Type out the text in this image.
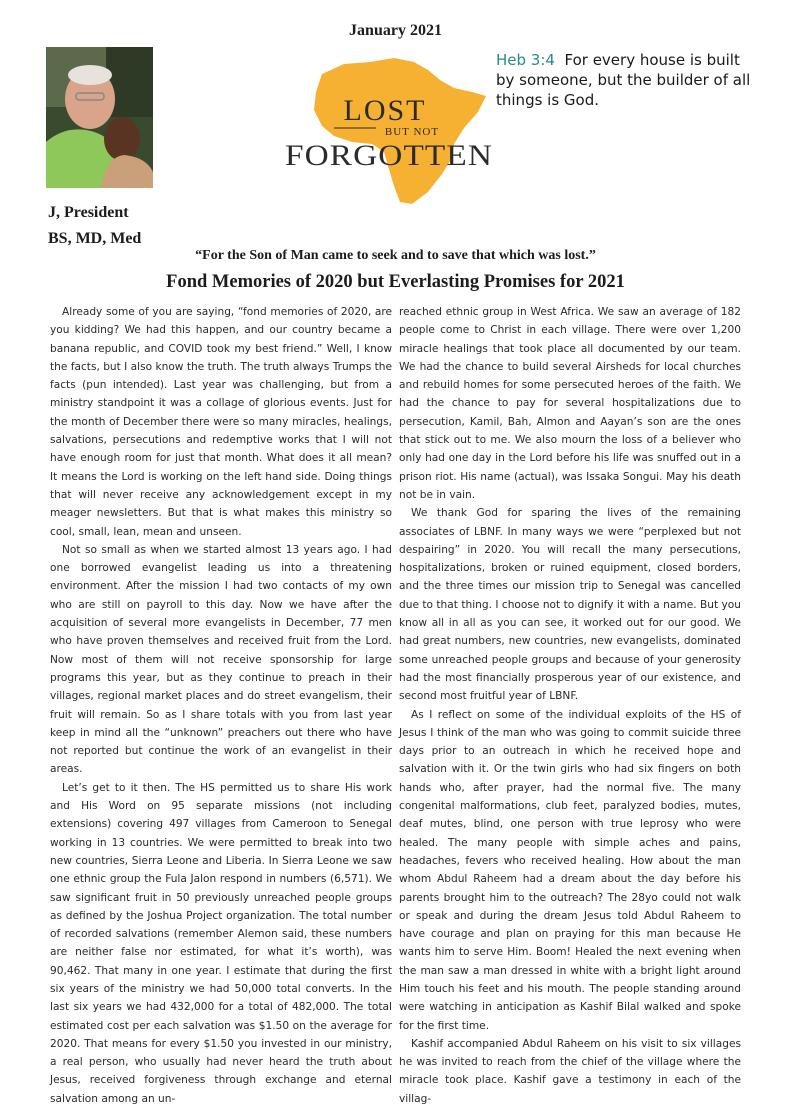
January 2021
LOST
BUT NOT
FORGOTTEN
Heb 3:4 For every house is built by someone, but the builder of all things is God.
J, President
BS, MD, Med
“For the Son of Man came to seek and to save that which was lost.”
Fond Memories of 2020 but Everlasting Promises for 2021

Already some of you are saying, “fond memories of 2020, are you kidding? We had this happen, and our country became a banana republic, and COVID took my best friend.” Well, I know the facts, but I also know the truth. The truth always Trumps the facts (pun intended). Last year was challenging, but from a ministry standpoint it was a collage of glorious events. Just for the month of December there were so many miracles, healings, salvations, persecutions and redemptive works that I will not have enough room for just that month. What does it all mean? It means the Lord is working on the left hand side. Doing things that will never receive any acknowledgement except in my meager newsletters. But that is what makes this ministry so cool, small, lean, mean and unseen.

Not so small as when we started almost 13 years ago. I had one borrowed evangelist leading us into a threatening environment. After the mission I had two contacts of my own who are still on payroll to this day. Now we have after the acquisition of several more evangelists in December, 77 men who have proven themselves and received fruit from the Lord. Now most of them will not receive sponsorship for large programs this year, but as they continue to preach in their villages, regional market places and do street evangelism, their fruit will remain. So as I share totals with you from last year keep in mind all the “unknown” preachers out there who have not reported but continue the work of an evangelist in their areas.

Let’s get to it then. The HS permitted us to share His work and His Word on 95 separate missions (not including extensions) covering 497 villages from Cameroon to Senegal working in 13 countries. We were permitted to break into two new countries, Sierra Leone and Liberia. In Sierra Leone we saw one ethnic group the Fula Jalon respond in numbers (6,571). We saw significant fruit in 50 previously unreached people groups as defined by the Joshua Project organization. The total number of recorded salvations (remember Alemon said, these numbers are neither false nor estimated, for what it’s worth), was 90,462. That many in one year. I estimate that during the first six years of the ministry we had 50,000 total converts. In the last six years we had 432,000 for a total of 482,000. The total estimated cost per each salvation was $1.50 on the average for 2020. That means for every $1.50 you invested in our ministry, a real person, who usually had never heard the truth about Jesus, received forgiveness through exchange and eternal salvation among an un-

reached ethnic group in West Africa. We saw an average of 182 people come to Christ in each village. There were over 1,200 miracle healings that took place all documented by our team. We had the chance to build several Airsheds for local churches and rebuild homes for some persecuted heroes of the faith. We had the chance to pay for several hospitalizations due to persecution, Kamil, Bah, Almon and Aayan’s son are the ones that stick out to me. We also mourn the loss of a believer who only had one day in the Lord before his life was snuffed out in a prison riot. His name (actual), was Issaka Songui. May his death not be in vain.

We thank God for sparing the lives of the remaining associates of LBNF. In many ways we were “perplexed but not despairing” in 2020. You will recall the many persecutions, hospitalizations, broken or ruined equipment, closed borders, and the three times our mission trip to Senegal was cancelled due to that thing. I choose not to dignify it with a name. But you know all in all as you can see, it worked out for our good. We had great numbers, new countries, new evangelists, dominated some unreached people groups and because of your generosity had the most financially prosperous year of our existence, and second most fruitful year of LBNF.

As I reflect on some of the individual exploits of the HS of Jesus I think of the man who was going to commit suicide three days prior to an outreach in which he received hope and salvation with it. Or the twin girls who had six fingers on both hands who, after prayer, had the normal five. The many congenital malformations, club feet, paralyzed bodies, mutes, deaf mutes, blind, one person with true leprosy who were healed. The many people with simple aches and pains, headaches, fevers who received healing. How about the man whom Abdul Raheem had a dream about the day before his parents brought him to the outreach? The 28yo could not walk or speak and during the dream Jesus told Abdul Raheem to have courage and plan on praying for this man because He wants him to serve Him. Boom! Healed the next evening when the man saw a man dressed in white with a bright light around Him touch his feet and his mouth. The people standing around were watching in anticipation as Kashif Bilal walked and spoke for the first time.

Kashif accompanied Abdul Raheem on his visit to six villages he was invited to reach from the chief of the village where the miracle took place. Kashif gave a testimony in each of the villag-
